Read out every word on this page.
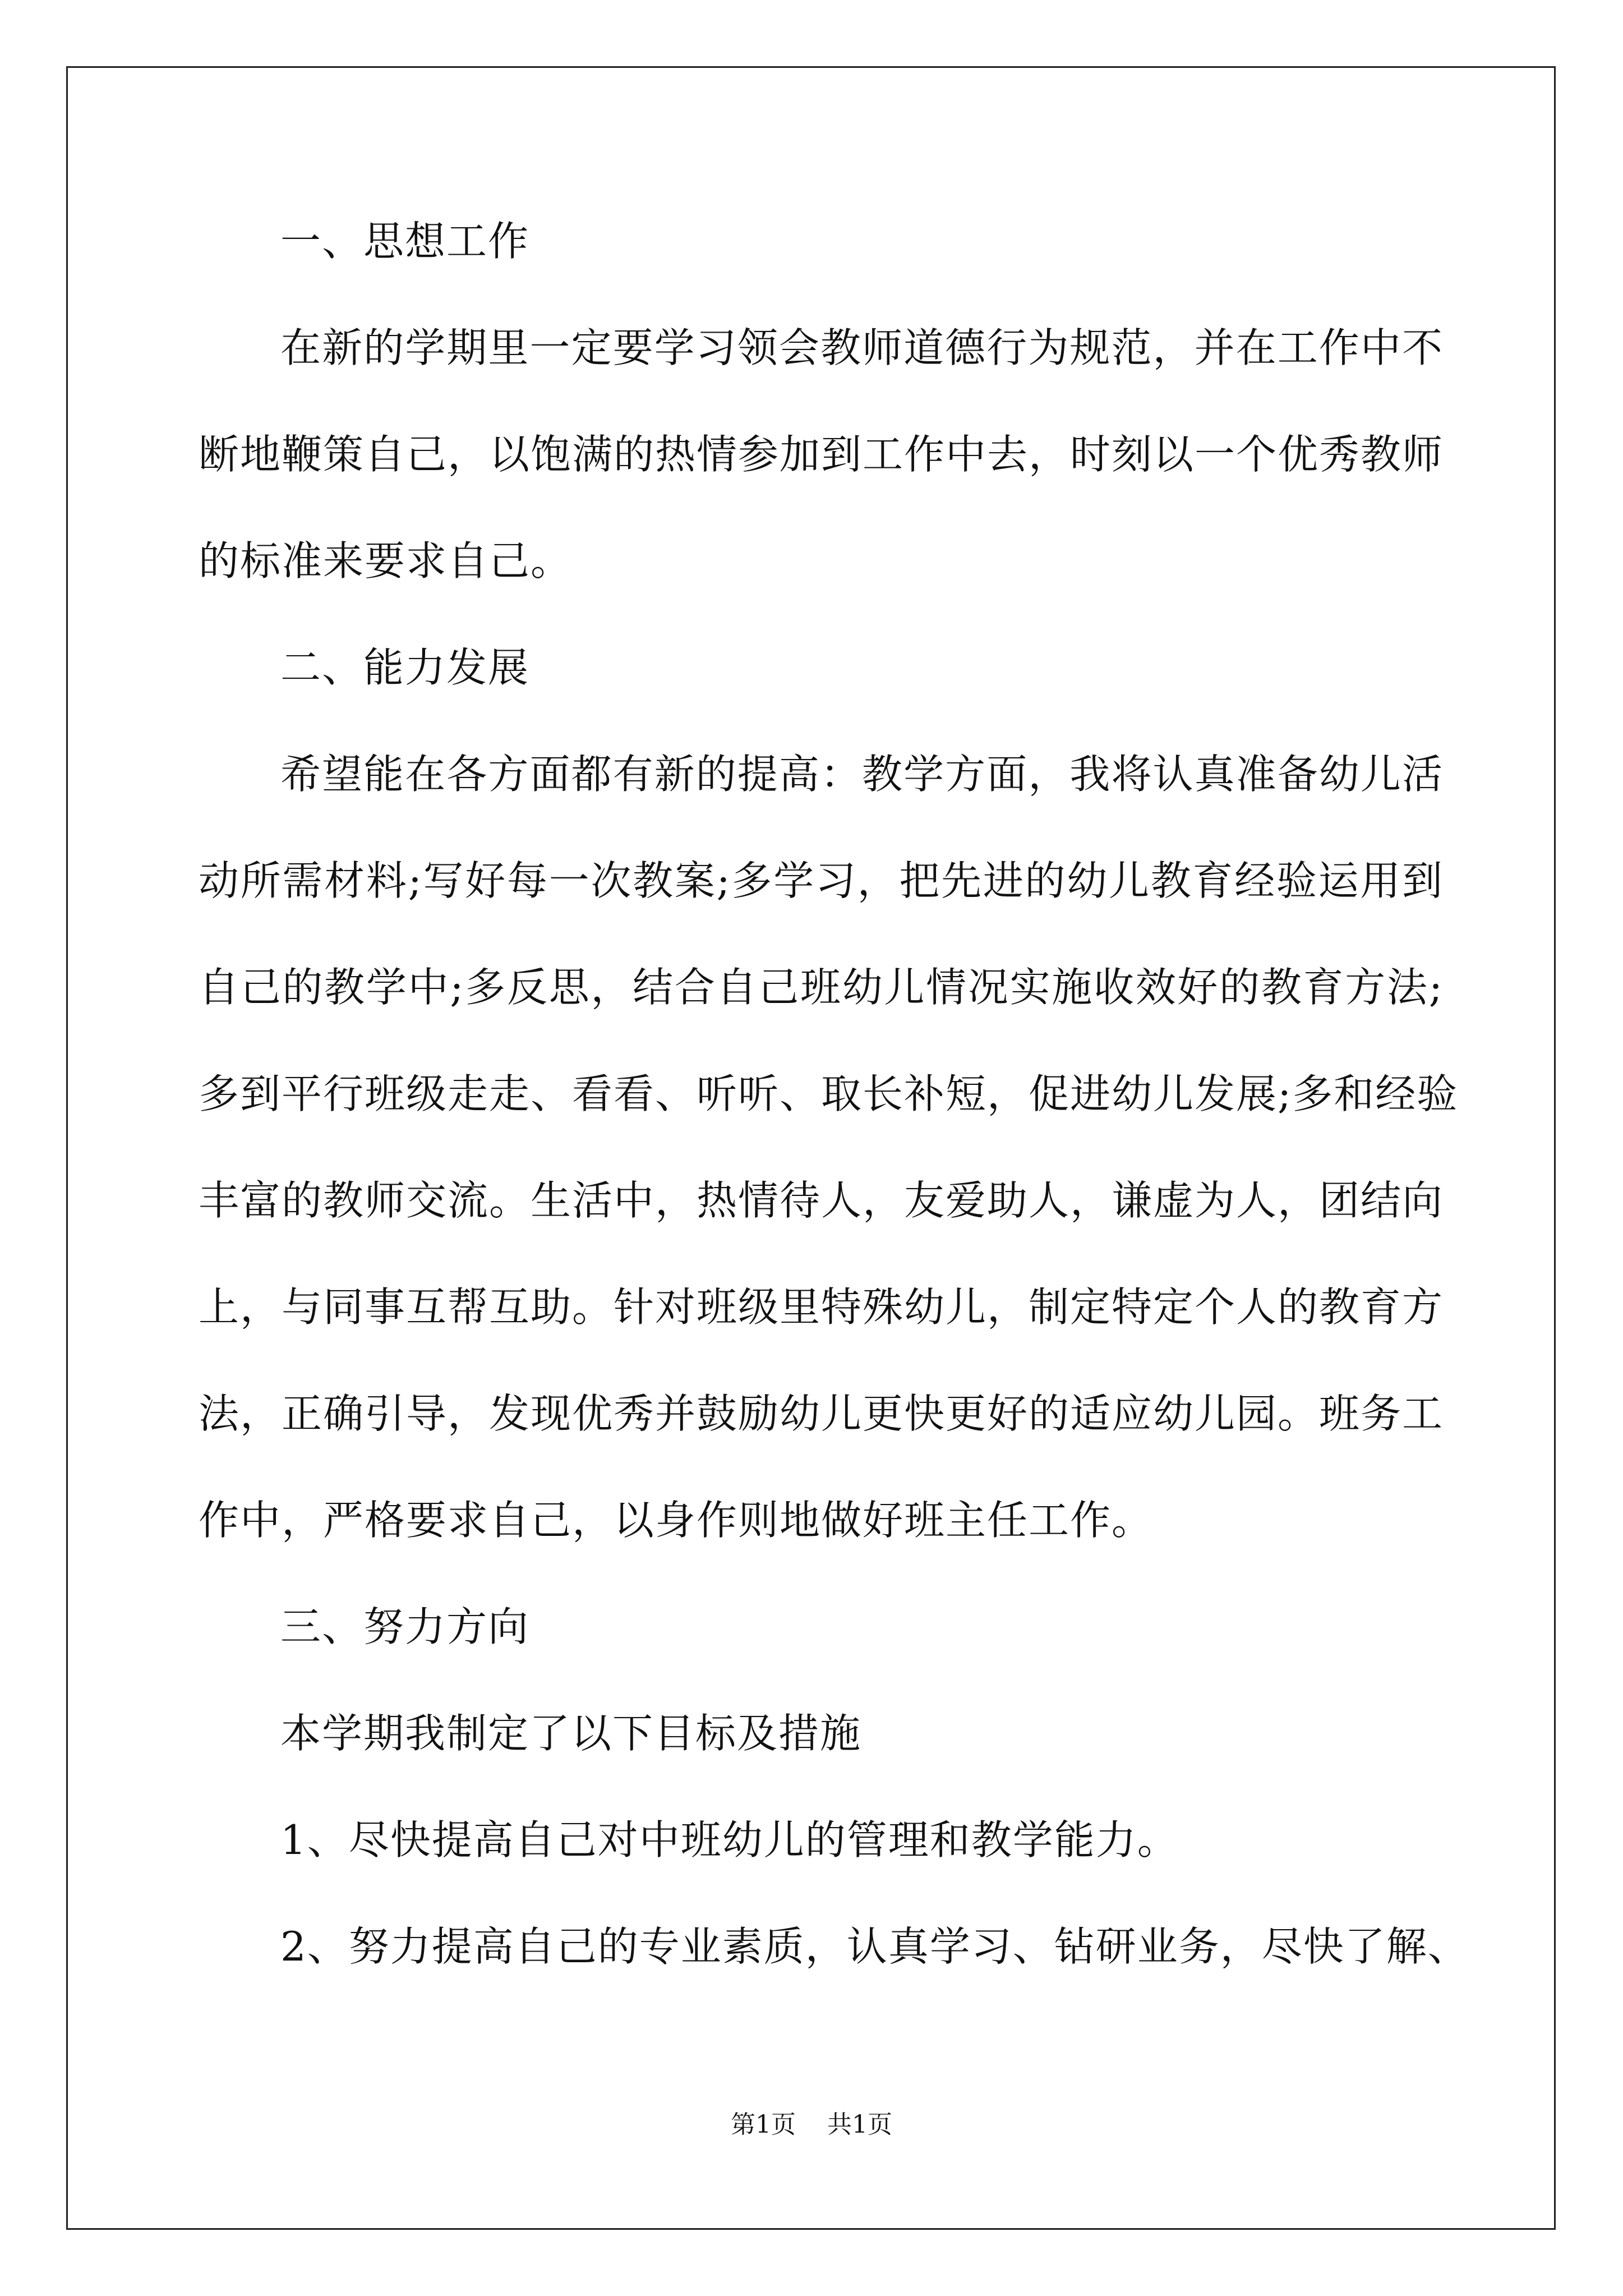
一、思想工作
在新的学期里一定要学习领会教师道德行为规范，并在工作中不
断地鞭策自己，以饱满的热情参加到工作中去，时刻以一个优秀教师
的标准来要求自己。
二、能力发展
希望能在各方面都有新的提高：教学方面，我将认真准备幼儿活
动所需材料;写好每一次教案;多学习，把先进的幼儿教育经验运用到
自己的教学中;多反思，结合自己班幼儿情况实施收效好的教育方法;
多到平行班级走走、看看、听听、取长补短，促进幼儿发展;多和经验
丰富的教师交流。生活中，热情待人，友爱助人，谦虚为人，团结向
上，与同事互帮互助。针对班级里特殊幼儿，制定特定个人的教育方
法，正确引导，发现优秀并鼓励幼儿更快更好的适应幼儿园。班务工
作中，严格要求自己，以身作则地做好班主任工作。
三、努力方向
本学期我制定了以下目标及措施
1、尽快提高自己对中班幼儿的管理和教学能力。
2、努力提高自己的专业素质，认真学习、钻研业务，尽快了解、
第1页 共1页
